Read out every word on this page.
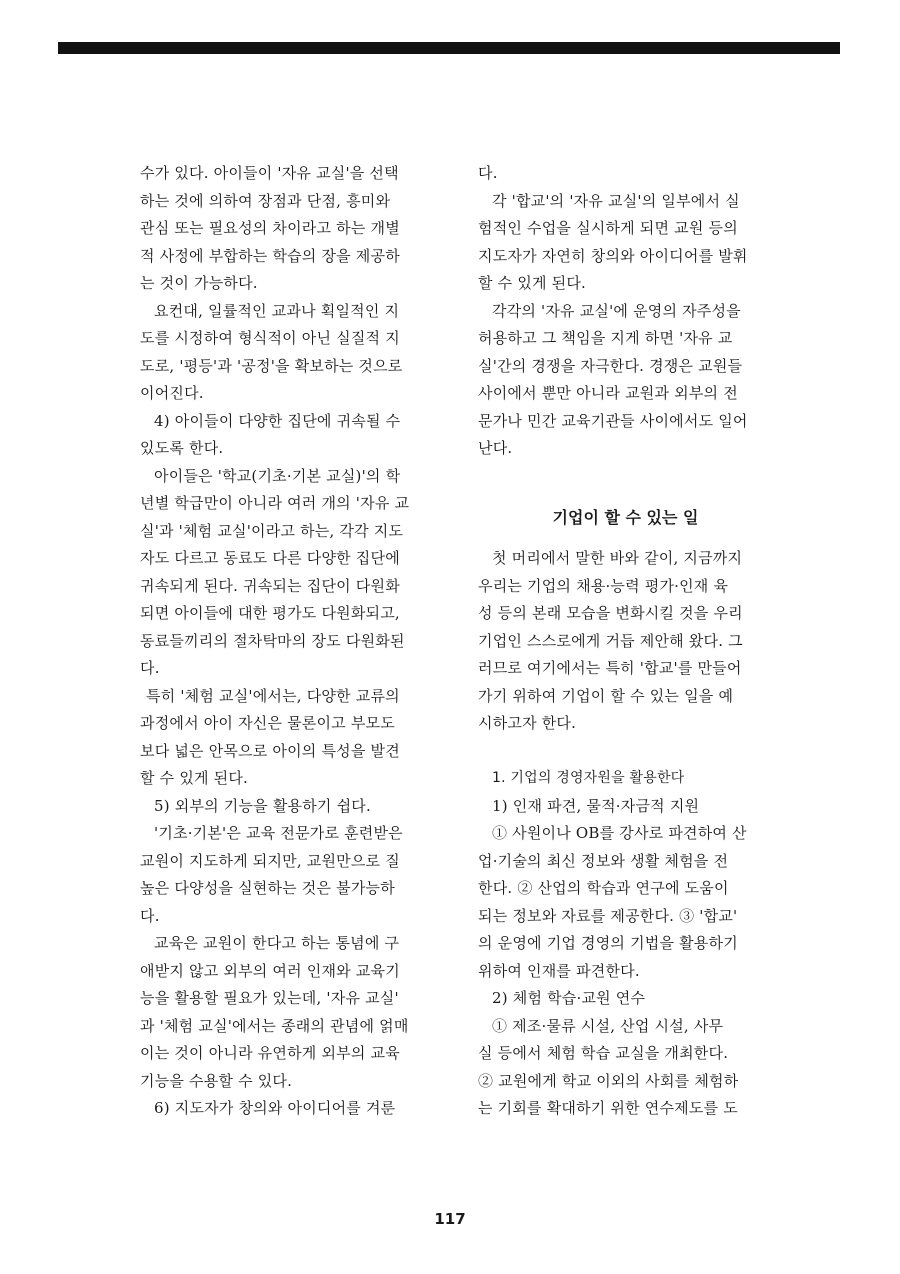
수가 있다. 아이들이 '자유 교실'을 선택
하는 것에 의하여 장점과 단점, 흥미와
관심 또는 필요성의 차이라고 하는 개별
적 사정에 부합하는 학습의 장을 제공하
는 것이 가능하다.
요컨대, 일률적인 교과나 획일적인 지
도를 시정하여 형식적이 아닌 실질적 지
도로, '평등'과 '공정'을 확보하는 것으로
이어진다.
4) 아이들이 다양한 집단에 귀속될 수
있도록 한다.
아이들은 '학교(기초·기본 교실)'의 학
년별 학급만이 아니라 여러 개의 '자유 교
실'과 '체험 교실'이라고 하는, 각각 지도
자도 다르고 동료도 다른 다양한 집단에
귀속되게 된다. 귀속되는 집단이 다원화
되면 아이들에 대한 평가도 다원화되고,
동료들끼리의 절차탁마의 장도 다원화된
다.
특히 '체험 교실'에서는, 다양한 교류의
과정에서 아이 자신은 물론이고 부모도
보다 넓은 안목으로 아이의 특성을 발견
할 수 있게 된다.
5) 외부의 기능을 활용하기 쉽다.
'기초·기본'은 교육 전문가로 훈련받은
교원이 지도하게 되지만, 교원만으로 질
높은 다양성을 실현하는 것은 불가능하
다.
교육은 교원이 한다고 하는 통념에 구
애받지 않고 외부의 여러 인재와 교육기
능을 활용할 필요가 있는데, '자유 교실'
과 '체험 교실'에서는 종래의 관념에 얽매
이는 것이 아니라 유연하게 외부의 교육
기능을 수용할 수 있다.
6) 지도자가 창의와 아이디어를 겨룬
다.
각 '합교'의 '자유 교실'의 일부에서 실
험적인 수업을 실시하게 되면 교원 등의
지도자가 자연히 창의와 아이디어를 발휘
할 수 있게 된다.
각각의 '자유 교실'에 운영의 자주성을
허용하고 그 책임을 지게 하면 '자유 교
실'간의 경쟁을 자극한다. 경쟁은 교원들
사이에서 뿐만 아니라 교원과 외부의 전
문가나 민간 교육기관들 사이에서도 일어
난다.
기업이 할 수 있는 일
첫 머리에서 말한 바와 같이, 지금까지
우리는 기업의 채용·능력 평가·인재 육
성 등의 본래 모습을 변화시킬 것을 우리
기업인 스스로에게 거듭 제안해 왔다. 그
러므로 여기에서는 특히 '합교'를 만들어
가기 위하여 기업이 할 수 있는 일을 예
시하고자 한다.
1. 기업의 경영자원을 활용한다
1) 인재 파견, 물적·자금적 지원
① 사원이나 OB를 강사로 파견하여 산
업·기술의 최신 정보와 생활 체험을 전
한다. ② 산업의 학습과 연구에 도움이
되는 정보와 자료를 제공한다. ③ '합교'
의 운영에 기업 경영의 기법을 활용하기
위하여 인재를 파견한다.
2) 체험 학습·교원 연수
① 제조·물류 시설, 산업 시설, 사무
실 등에서 체험 학습 교실을 개최한다.
② 교원에게 학교 이외의 사회를 체험하
는 기회를 확대하기 위한 연수제도를 도
117
